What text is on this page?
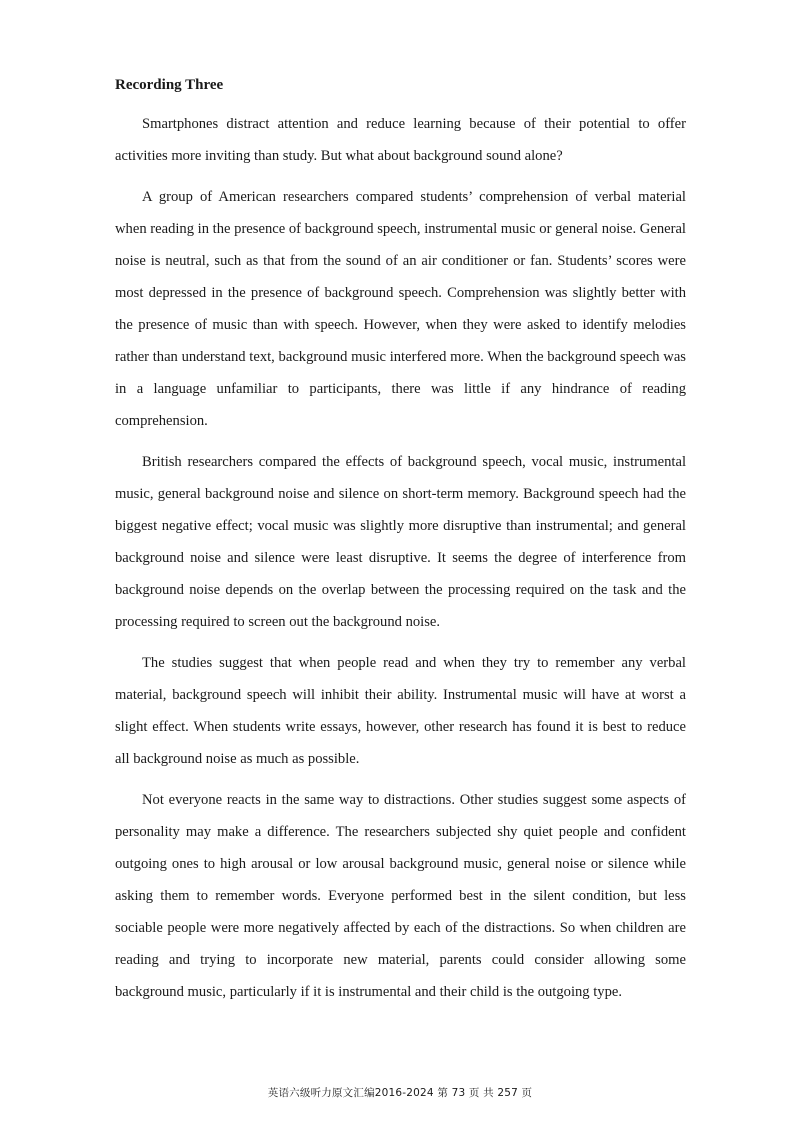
Recording Three

Smartphones distract attention and reduce learning because of their potential to offer activities more inviting than study. But what about background sound alone?

A group of American researchers compared students’ comprehension of verbal material when reading in the presence of background speech, instrumental music or general noise. General noise is neutral, such as that from the sound of an air conditioner or fan. Students’ scores were most depressed in the presence of background speech. Comprehension was slightly better with the presence of music than with speech. However, when they were asked to identify melodies rather than understand text, background music interfered more. When the background speech was in a language unfamiliar to participants, there was little if any hindrance of reading comprehension.

British researchers compared the effects of background speech, vocal music, instrumental music, general background noise and silence on short-term memory. Background speech had the biggest negative effect; vocal music was slightly more disruptive than instrumental; and general background noise and silence were least disruptive. It seems the degree of interference from background noise depends on the overlap between the processing required on the task and the processing required to screen out the background noise.

The studies suggest that when people read and when they try to remember any verbal material, background speech will inhibit their ability. Instrumental music will have at worst a slight effect. When students write essays, however, other research has found it is best to reduce all background noise as much as possible.

Not everyone reacts in the same way to distractions. Other studies suggest some aspects of personality may make a difference. The researchers subjected shy quiet people and confident outgoing ones to high arousal or low arousal background music, general noise or silence while asking them to remember words. Everyone performed best in the silent condition, but less sociable people were more negatively affected by each of the distractions. So when children are reading and trying to incorporate new material, parents could consider allowing some background music, particularly if it is instrumental and their child is the outgoing type.

英语六级听力原文汇编2016-2024 第 73 页 共 257 页
